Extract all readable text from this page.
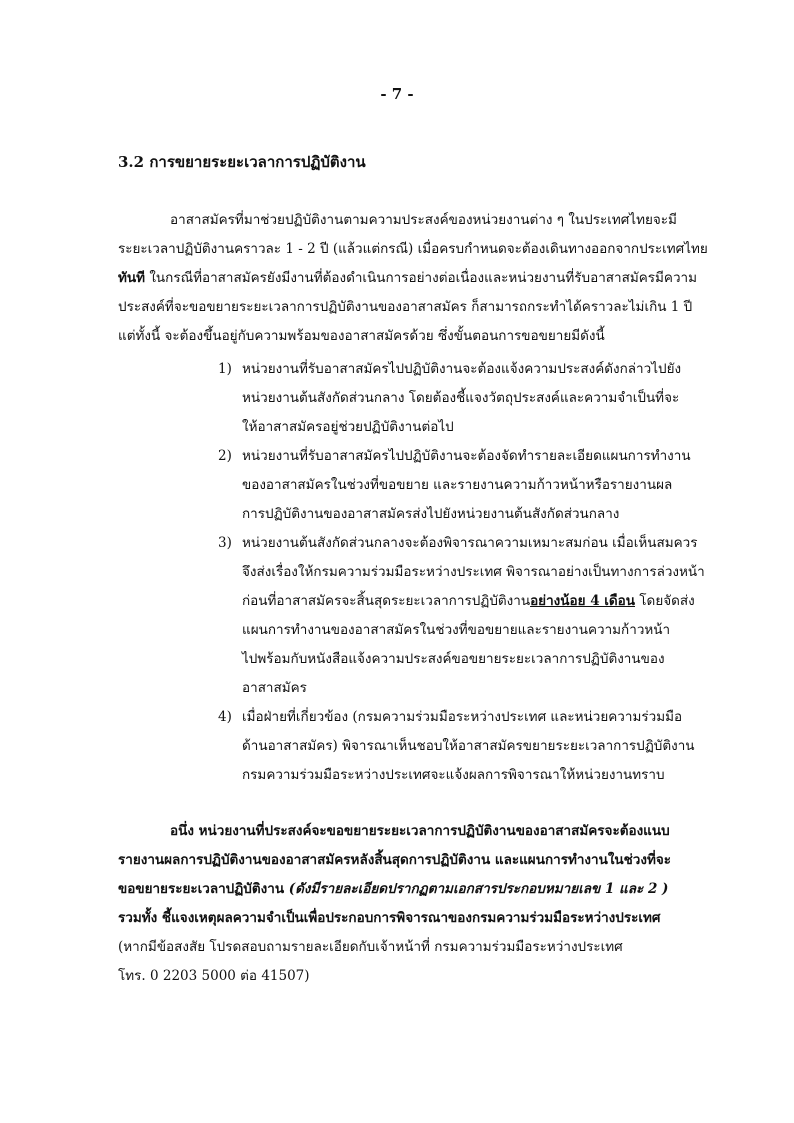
- 7 -
3.2 การขยายระยะเวลาการปฏิบัติงาน
อาสาสมัครที่มาช่วยปฏิบัติงานตามความประสงค์ของหน่วยงานต่าง ๆ ในประเทศไทยจะมี
ระยะเวลาปฏิบัติงานคราวละ 1 - 2 ปี (แล้วแต่กรณี) เมื่อครบกำหนดจะต้องเดินทางออกจากประเทศไทย
ทันที ในกรณีที่อาสาสมัครยังมีงานที่ต้องดำเนินการอย่างต่อเนื่องและหน่วยงานที่รับอาสาสมัครมีความ
ประสงค์ที่จะขอขยายระยะเวลาการปฏิบัติงานของอาสาสมัคร ก็สามารถกระทำได้คราวละไม่เกิน 1 ปี
แต่ทั้งนี้ จะต้องขึ้นอยู่กับความพร้อมของอาสาสมัครด้วย ซึ่งขั้นตอนการขอขยายมีดังนี้
1) หน่วยงานที่รับอาสาสมัครไปปฏิบัติงานจะต้องแจ้งความประสงค์ดังกล่าวไปยัง
หน่วยงานต้นสังกัดส่วนกลาง โดยต้องชี้แจงวัตถุประสงค์และความจำเป็นที่จะ
ให้อาสาสมัครอยู่ช่วยปฏิบัติงานต่อไป
2) หน่วยงานที่รับอาสาสมัครไปปฏิบัติงานจะต้องจัดทำรายละเอียดแผนการทำงาน
ของอาสาสมัครในช่วงที่ขอขยาย และรายงานความก้าวหน้าหรือรายงานผล
การปฏิบัติงานของอาสาสมัครส่งไปยังหน่วยงานต้นสังกัดส่วนกลาง
3) หน่วยงานต้นสังกัดส่วนกลางจะต้องพิจารณาความเหมาะสมก่อน เมื่อเห็นสมควร
จึงส่งเรื่องให้กรมความร่วมมือระหว่างประเทศ พิจารณาอย่างเป็นทางการล่วงหน้า
ก่อนที่อาสาสมัครจะสิ้นสุดระยะเวลาการปฏิบัติงานอย่างน้อย 4 เดือน โดยจัดส่ง
แผนการทำงานของอาสาสมัครในช่วงที่ขอขยายและรายงานความก้าวหน้า
ไปพร้อมกับหนังสือแจ้งความประสงค์ขอขยายระยะเวลาการปฏิบัติงานของ
อาสาสมัคร
4) เมื่อฝ่ายที่เกี่ยวข้อง (กรมความร่วมมือระหว่างประเทศ และหน่วยความร่วมมือ
ด้านอาสาสมัคร) พิจารณาเห็นชอบให้อาสาสมัครขยายระยะเวลาการปฏิบัติงาน
กรมความร่วมมือระหว่างประเทศจะแจ้งผลการพิจารณาให้หน่วยงานทราบ
อนึ่ง หน่วยงานที่ประสงค์จะขอขยายระยะเวลาการปฏิบัติงานของอาสาสมัครจะต้องแนบ
รายงานผลการปฏิบัติงานของอาสาสมัครหลังสิ้นสุดการปฏิบัติงาน และแผนการทำงานในช่วงที่จะ
ขอขยายระยะเวลาปฏิบัติงาน (ดังมีรายละเอียดปรากฏตามเอกสารประกอบหมายเลข 1 และ 2 )
รวมทั้ง ชี้แจงเหตุผลความจำเป็นเพื่อประกอบการพิจารณาของกรมความร่วมมือระหว่างประเทศ
(หากมีข้อสงสัย โปรดสอบถามรายละเอียดกับเจ้าหน้าที่ กรมความร่วมมือระหว่างประเทศ
โทร. 0 2203 5000 ต่อ 41507)
